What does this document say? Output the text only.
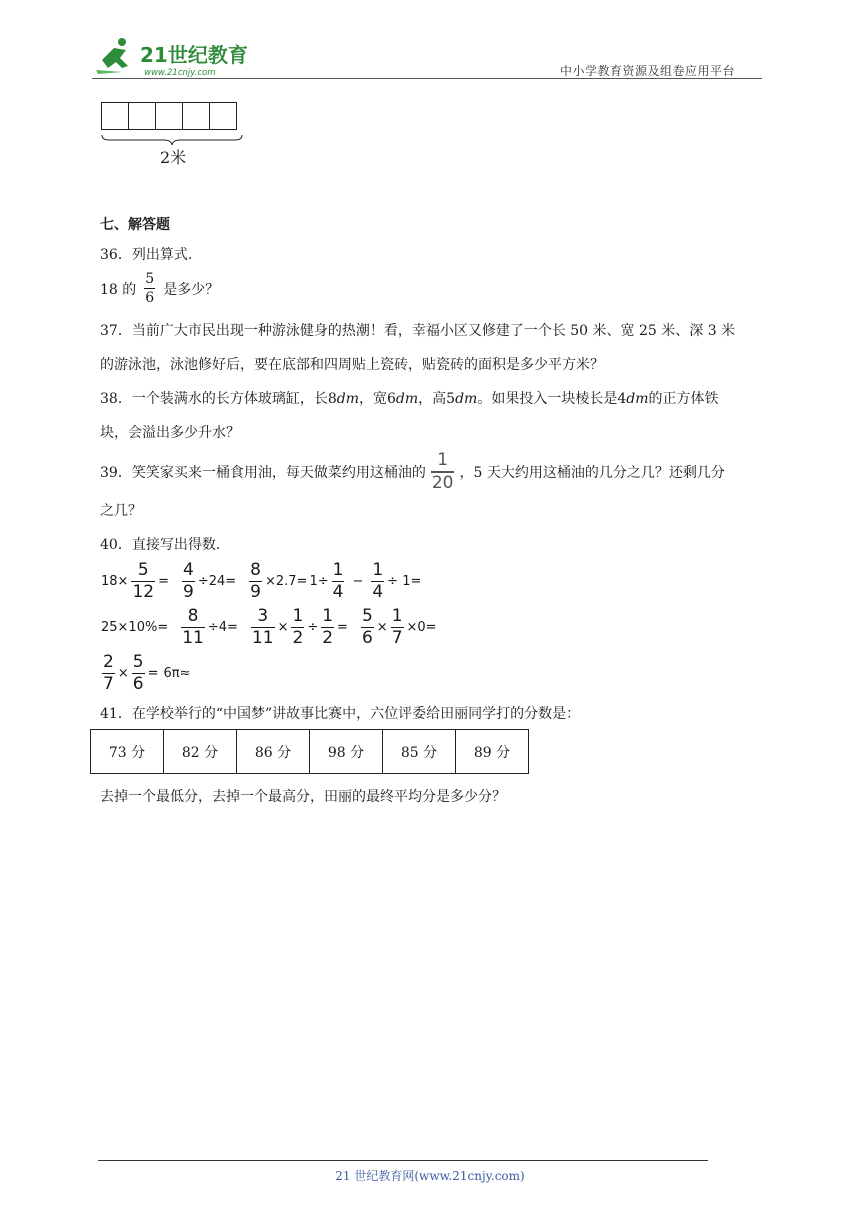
21世纪教育
www.21cnjy.com	中小学教育资源及组卷应用平台
2米
七、解答题
36．列出算式.
18 的 $\frac{5}{6}$ 是多少？
37．当前广大市民出现一种游泳健身的热潮！看，幸福小区又修建了一个长 50 米、宽 25 米、深 3 米
的游泳池，泳池修好后，要在底部和四周贴上瓷砖，贴瓷砖的面积是多少平方米？
38．一个装满水的长方体玻璃缸，长8dm，宽6dm，高5dm。如果投入一块棱长是4dm的正方体铁
块，会溢出多少升水？
39．笑笑家买来一桶食用油，每天做菜约用这桶油的 $\frac{1}{20}$ ，5 天大约用这桶油的几分之几？还剩几分
之几？
40．直接写出得数.
$18\times \frac{5}{12} = \frac{4}{9} \div 24= \frac{8}{9} \times 2.7= 1\div \frac{1}{4} - \frac{1}{4} \div 1=$
$25\times 10\%= \frac{8}{11} \div 4= \frac{3}{11} \times \frac{1}{2} \div \frac{1}{2} = \frac{5}{6} \times \frac{1}{7} \times 0=$
$\frac{2}{7} \times \frac{5}{6} = 6\pi\approx$
41．在学校举行的“中国梦”讲故事比赛中，六位评委给田丽同学打的分数是：
73 分	82 分	86 分	98 分	85 分	89 分
去掉一个最低分，去掉一个最高分，田丽的最终平均分是多少分？
21 世纪教育网(www.21cnjy.com)
